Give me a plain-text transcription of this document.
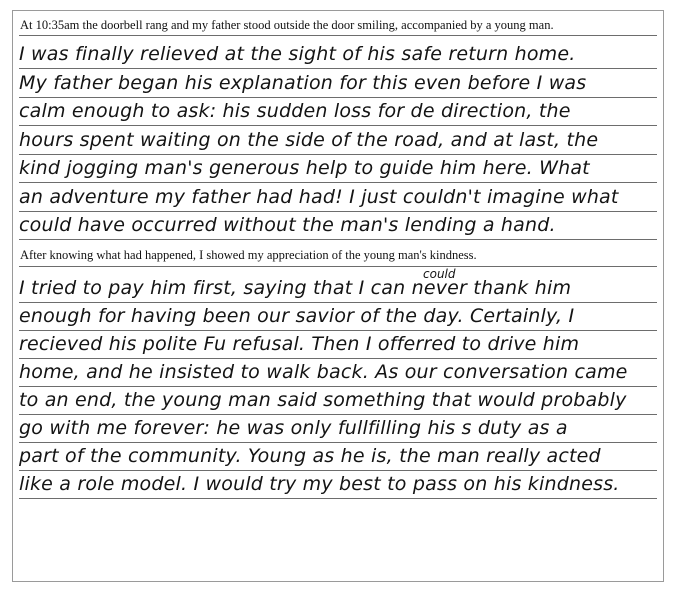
At 10:35am the doorbell rang and my father stood outside the door smiling, accompanied by a young man.
I was finally relieved at the sight of his safe return home.
My father began his explanation for this even before I was
calm enough to ask: his sudden loss for de direction, the
hours spent waiting on the side of the road, and at last, the
kind jogging man's generous help to guide him here. What
an adventure my father had had! I just couldn't imagine what
could have occurred without the man's lending a hand.
After knowing what had happened, I showed my appreciation of the young man's kindness.
could
I tried to pay him first, saying that I can never thank him
enough for having been our savior of the day. Certainly, I
recieved his polite Fu refusal. Then I offerred to drive him
home, and he insisted to walk back. As our conversation came
to an end, the young man said something that would probably
go with me forever: he was only fullfilling his s duty as a
part of the community. Young as he is, the man really acted
like a role model. I would try my best to pass on his kindness.
